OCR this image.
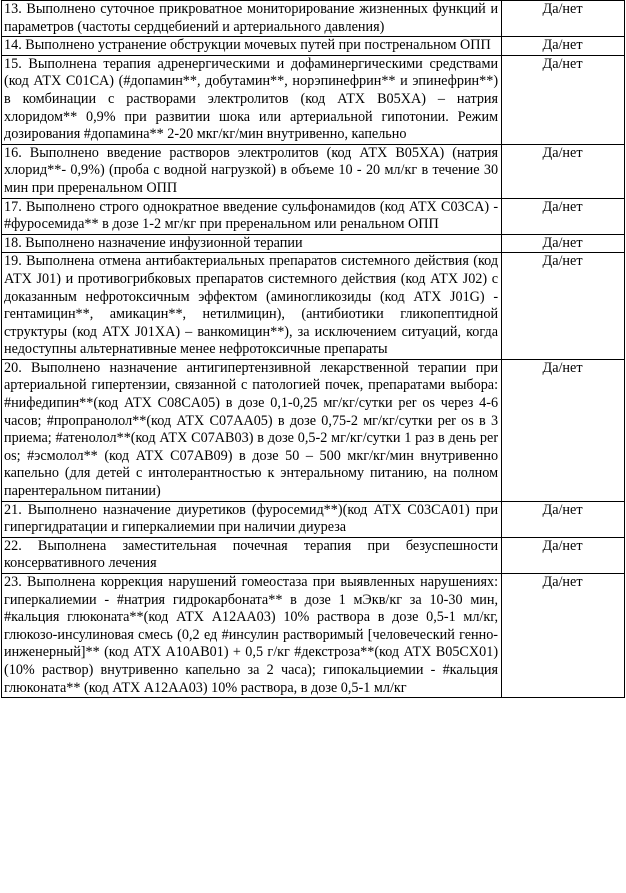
13. Выполнено суточное прикроватное мониторирование жизненных функций и параметров (частоты сердцебиений и артериального давления)	Да/нет
14. Выполнено устранение обструкции мочевых путей при постренальном ОПП	Да/нет
15. Выполнена терапия адренергическими и дофаминергическими средствами (код АТХ C01CA) (#допамин**, добутамин**, норэпинефрин** и эпинефрин**) в комбинации с растворами электролитов (код АТХ B05XA) – натрия хлоридом** 0,9% при развитии шока или артериальной гипотонии. Режим дозирования #допамина** 2-20 мкг/кг/мин внутривенно, капельно	Да/нет
16. Выполнено введение растворов электролитов (код АТХ B05XA) (натрия хлорид**- 0,9%) (проба с водной нагрузкой) в объеме 10 - 20 мл/кг в течение 30 мин при преренальном ОПП	Да/нет
17. Выполнено строго однократное введение сульфонамидов (код АТХ C03CA) - #фуросемида** в дозе 1-2 мг/кг при преренальном или ренальном ОПП	Да/нет
18. Выполнено назначение инфузионной терапии	Да/нет
19. Выполнена отмена антибактериальных препаратов системного действия (код АТХ J01) и противогрибковых препаратов системного действия (код АТХ J02) с доказанным нефротоксичным эффектом (аминогликозиды (код АТХ J01G) - гентамицин**, амикацин**, нетилмицин), (антибиотики гликопептидной структуры (код АТХ J01XA) – ванкомицин**), за исключением ситуаций, когда недоступны альтернативные менее нефротоксичные препараты	Да/нет
20. Выполнено назначение антигипертензивной лекарственной терапии при артериальной гипертензии, связанной с патологией почек, препаратами выбора: #нифедипин**(код АТХ C08CA05) в дозе 0,1-0,25 мг/кг/сутки per os через 4-6 часов; #пропранолол**(код АТХ C07AA05) в дозе 0,75-2 мг/кг/сутки per os в 3 приема; #атенолол**(код АТХ C07AB03) в дозе 0,5-2 мг/кг/сутки 1 раз в день per os; #эсмолол** (код АТХ C07AB09) в дозе 50 – 500 мкг/кг/мин внутривенно капельно (для детей с интолерантностью к энтеральному питанию, на полном парентеральном питании)	Да/нет
21. Выполнено назначение диуретиков (фуросемид**)(код АТХ C03CA01) при гипергидратации и гиперкалиемии при наличии диуреза	Да/нет
22. Выполнена заместительная почечная терапия при безуспешности консервативного лечения	Да/нет
23. Выполнена коррекция нарушений гомеостаза при выявленных нарушениях: гиперкалиемии - #натрия гидрокарбоната** в дозе 1 мЭкв/кг за 10-30 мин, #кальция глюконата**(код АТХ A12AA03) 10% раствора в дозе 0,5-1 мл/кг, глюкозо-инсулиновая смесь (0,2 ед #инсулин растворимый [человеческий генно- инженерный]** (код АТХ A10AB01) + 0,5 г/кг #декстроза**(код АТХ B05CX01) (10% раствор) внутривенно капельно за 2 часа); гипокальциемии - #кальция глюконата** (код АТХ A12AA03) 10% раствора, в дозе 0,5-1 мл/кг	Да/нет
